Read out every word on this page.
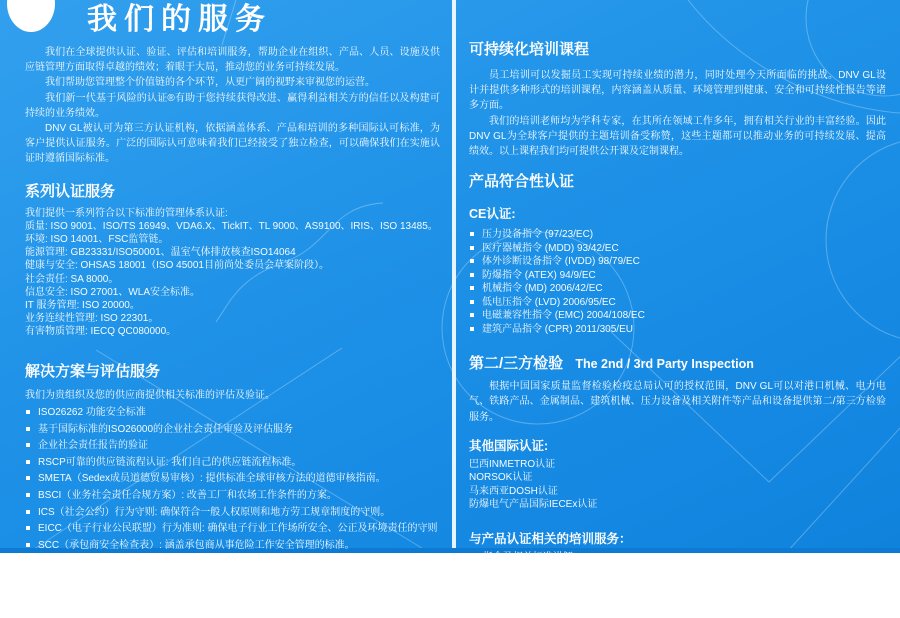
我们的服务

我们在全球提供认证、验证、评估和培训服务，帮助企业在组织、产品、人员、设施及供应链管理方面取得卓越的绩效；着眼于大局，推动您的业务可持续发展。

我们帮助您管理整个价值链的各个环节，从更广阔的视野来审视您的运营。

我们新一代基于风险的认证®有助于您持续获得改进、赢得利益相关方的信任以及构建可持续的业务绩效。

DNV GL被认可为第三方认证机构，依据涵盖体系、产品和培训的多种国际认可标准，为客户提供认证服务。广泛的国际认可意味着我们已经接受了独立检查，可以确保我们在实施认证时遵循国际标准。

系列认证服务

我们提供一系列符合以下标准的管理体系认证:

质量: ISO 9001、ISO/TS 16949、VDA6.X、TickIT、TL 9000、AS9100、IRIS、ISO 13485。

环境: ISO 14001、FSC监管链。

能源管理: GB23331/ISO50001、温室气体排放核查ISO14064

健康与安全: OHSAS 18001（ISO 45001目前尚处委员会草案阶段）。

社会责任: SA 8000。

信息安全: ISO 27001、WLA安全标准。

IT 服务管理: ISO 20000。

业务连续性管理: ISO 22301。

有害物质管理: IECQ QC080000。

解决方案与评估服务

我们为贵组织及您的供应商提供相关标准的评估及验证。

ISO26262 功能安全标准
基于国际标准的ISO26000的企业社会责任审验及评估服务
企业社会责任报告的验证
RSCP可靠的供应链流程认证: 我们自己的供应链流程标准。
SMETA（Sedex成员道德贸易审核）: 提供标准全球审核方法的道德审核指南。
BSCI（业务社会责任合规方案）: 改善工厂和农场工作条件的方案。
ICS（社会公约）行为守则: 确保符合一般人权原则和地方劳工规章制度的守则。
EICC（电子行业公民联盟）行为准则: 确保电子行业工作场所安全、公正及环境责任的守则
SCC（承包商安全检查表）: 涵盖承包商从事危险工作安全管理的标准。
ETHIC智慧: 反腐政策认证。
ISO 28000和TAPA货运安全要求: 供应链安全管理标准。
可持续化培训课程

员工培训可以发掘员工实现可持续业绩的潜力，同时处理今天所面临的挑战。DNV GL设计并提供多种形式的培训课程，内容涵盖从质量、环境管理到健康、安全和可持续性报告等诸多方面。

我们的培训老师均为学科专家，在其所在领域工作多年，拥有相关行业的丰富经验。因此DNV GL为全球客户提供的主题培训备受称赞，这些主题都可以推动业务的可持续发展、提高绩效。以上课程我们均可提供公开课及定制课程。

产品符合性认证
CE认证:
压力设备指令 (97/23/EC)
医疗器械指令 (MDD) 93/42/EC
体外诊断设备指令 (IVDD) 98/79/EC
防爆指令 (ATEX) 94/9/EC
机械指令 (MD) 2006/42/EC
低电压指令 (LVD) 2006/95/EC
电磁兼容性指令 (EMC) 2004/108/EC
建筑产品指令 (CPR) 2011/305/EU
第二/三方检验 The 2nd / 3rd Party Inspection

根据中国国家质量监督检验检疫总局认可的授权范围，DNV GL可以对港口机械、电力电气、铁路产品、金属制品、建筑机械、压力设备及相关附件等产品和设备提供第二/第三方检验服务。

其他国际认证:

巴西INMETRO认证

NORSOK认证

马来西亚DOSH认证

防爆电气产品国际IECEx认证

与产品认证相关的培训服务：

CE指令及相关标准讲解

ISO13485管理体系认证的标准要求及实施概论

ISO13485管理体系内审员培训

技术档案要求讲解

产品合规性说明及最佳实践分享
